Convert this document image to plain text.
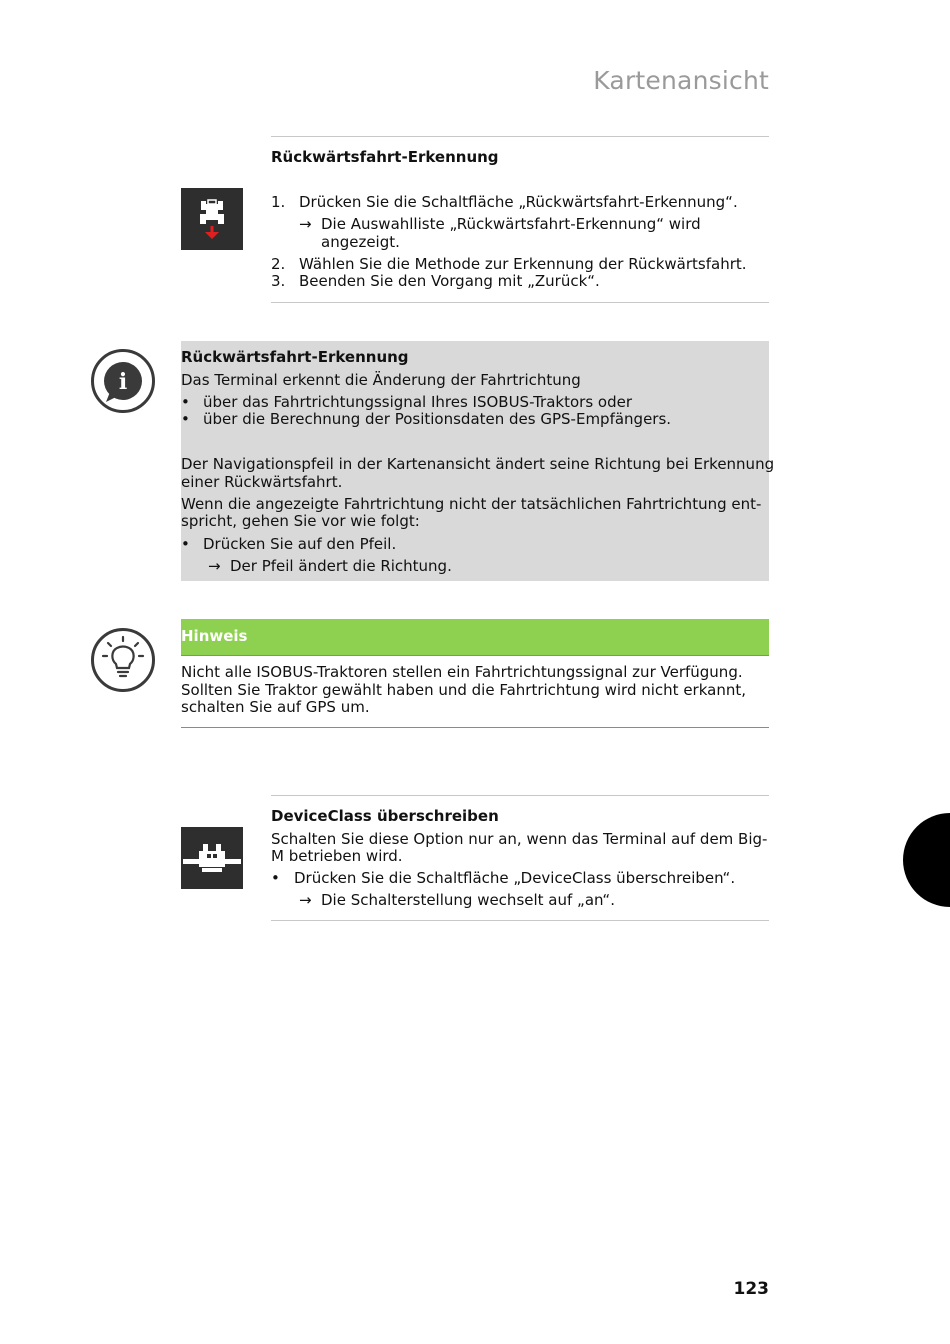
Kartenansicht
Rückwärtsfahrt-Erkennung
1. Drücken Sie die Schaltfläche „Rückwärtsfahrt-Erkennung“.
→ Die Auswahlliste „Rückwärtsfahrt-Erkennung“ wird
angezeigt.
2. Wählen Sie die Methode zur Erkennung der Rückwärtsfahrt.
3. Beenden Sie den Vorgang mit „Zurück“.
i
Rückwärtsfahrt-Erkennung
Das Terminal erkennt die Änderung der Fahrtrichtung
• über das Fahrtrichtungssignal Ihres ISOBUS-Traktors oder
• über die Berechnung der Positionsdaten des GPS-Empfängers.
Der Navigationspfeil in der Kartenansicht ändert seine Richtung bei Erkennung
einer Rückwärtsfahrt.
Wenn die angezeigte Fahrtrichtung nicht der tatsächlichen Fahrtrichtung ent-
spricht, gehen Sie vor wie folgt:
• Drücken Sie auf den Pfeil.
→ Der Pfeil ändert die Richtung.
Hinweis
Nicht alle ISOBUS-Traktoren stellen ein Fahrtrichtungssignal zur Verfügung.
Sollten Sie Traktor gewählt haben und die Fahrtrichtung wird nicht erkannt,
schalten Sie auf GPS um.
DeviceClass überschreiben
Schalten Sie diese Option nur an, wenn das Terminal auf dem Big-
M betrieben wird.
• Drücken Sie die Schaltfläche „DeviceClass überschreiben“.
→ Die Schalterstellung wechselt auf „an“.
123
